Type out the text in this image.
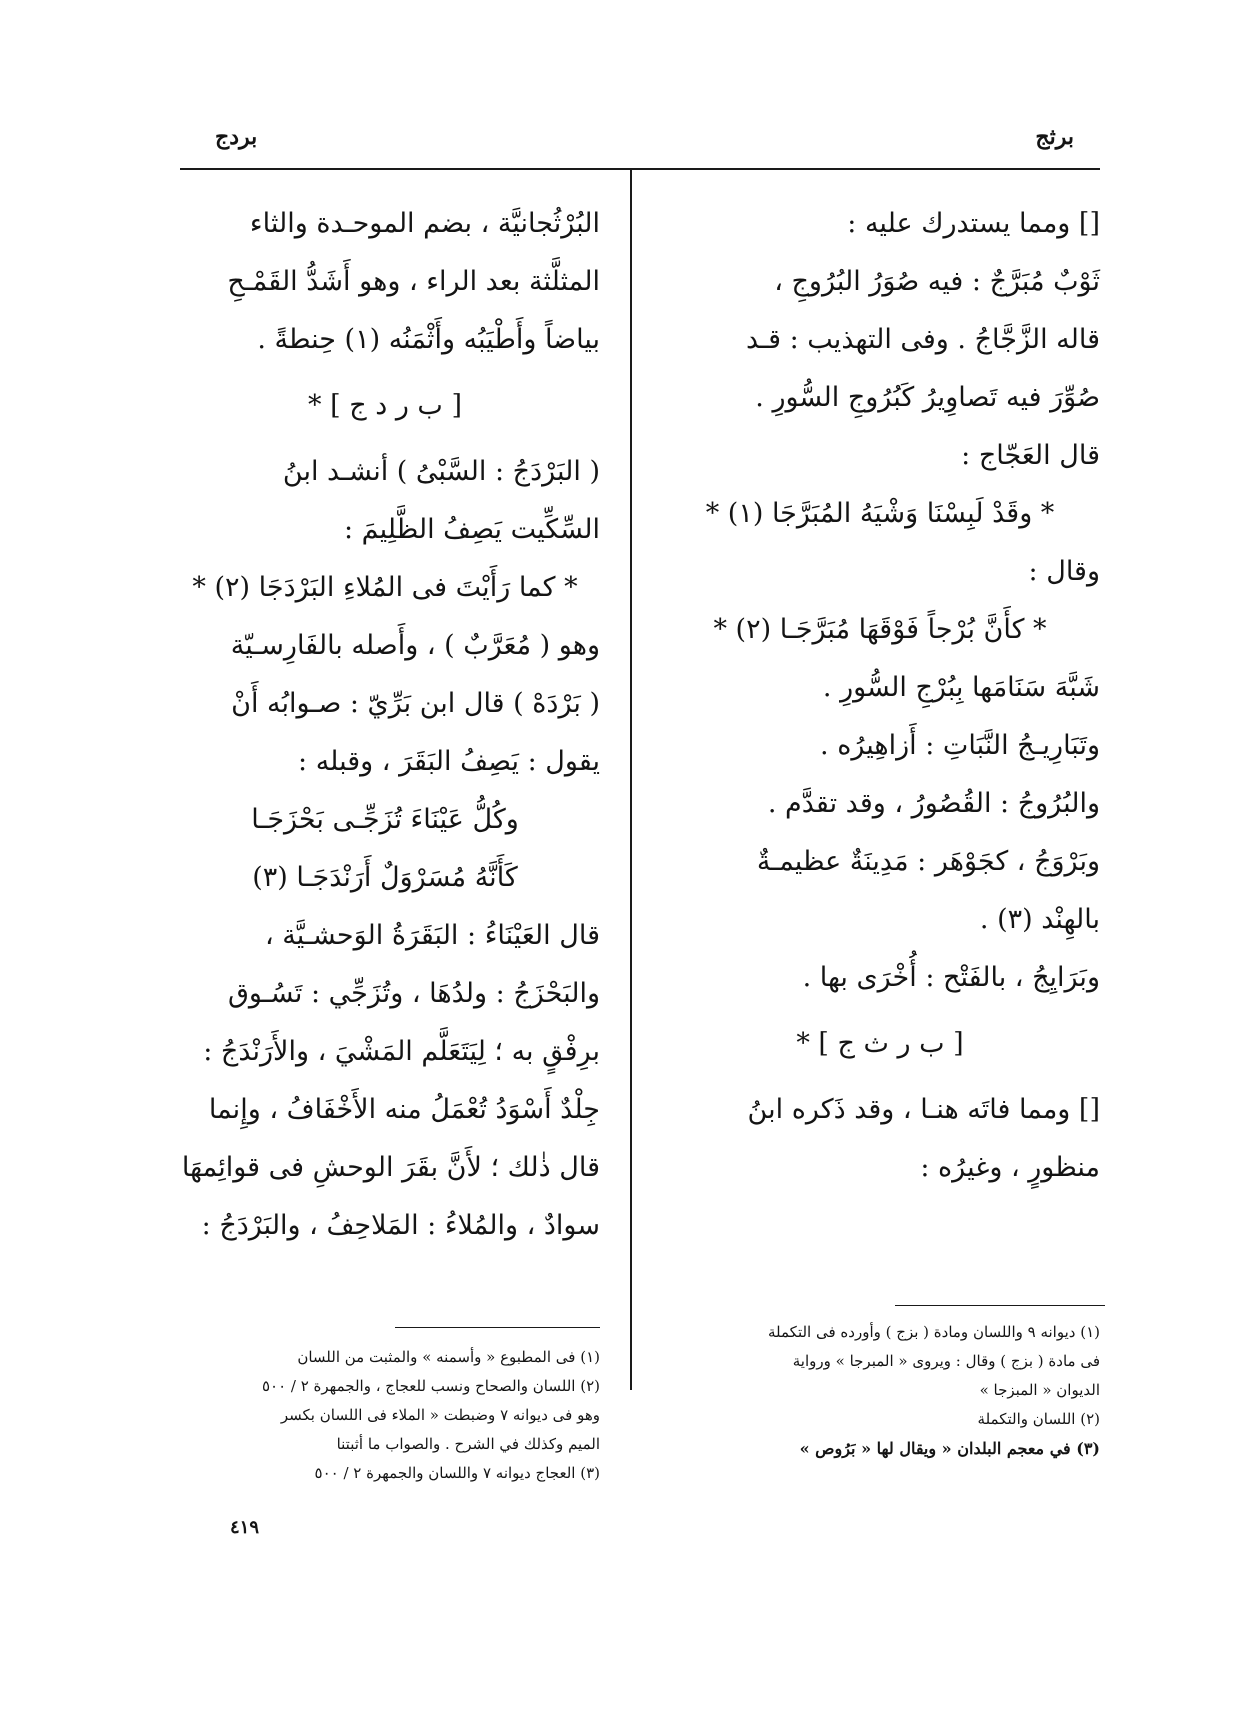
برثج
بردج

[] ومما يستدرك عليه :

ثَوْبٌ مُبَرَّجٌ : فيه صُوَرُ البُرُوجِ ،

قاله الزَّجَّاجُ . وفى التهذيب : قـد

صُوِّرَ فيه تَصاوِيرُ كَبُرُوجِ السُّورِ .

قال العَجّاج :

* وقَدْ لَبِسْنَا وَشْيَهُ المُبَرَّجَا (١) *

وقال :

* كأَنَّ بُرْجاً فَوْقَهَا مُبَرَّجَـا (٢) *

شَبَّهَ سَنَامَها بِبُرْجِ السُّورِ .

وتَبَارِيـجُ النَّبَاتِ : أَزاهِيرُه .

والبُرُوجُ : القُصُورُ ، وقد تقدَّم .

وبَرْوَجُ ، كجَوْهَر : مَدِينَةٌ عظيمـةٌ

بالهِنْد (٣) .

وبَرَايِجُ ، بالفَتْح : أُخْرَى بها .

[ ب ر ث ج ] *

[] ومما فاتَه هنـا ، وقد ذَكره ابنُ

منظورٍ ، وغيرُه :

البُرْثُجانيَّة ، بضم الموحـدة والثاء

المثلَّثة بعد الراء ، وهو أَشَدُّ القَمْـحِ

بياضاً وأَطْيَبُه وأَثْمَنُه (١) حِنطةً .

[ ب ر د ج ] *

( البَرْدَجُ : السَّبْىُ ) أنشـد ابنُ

السِّكِّيت يَصِفُ الظَّلِيمَ :

* كما رَأَيْتَ فى المُلاءِ البَرْدَجَا (٢) *

وهو ( مُعَرَّبٌ ) ، وأَصله بالفَارِسـيّة

( بَرْدَهْ ) قال ابن بَرِّيّ : صـوابُه أَنْ

يقول : يَصِفُ البَقَرَ ، وقبله :

وكُلُّ عَيْنَاءَ تُزَجِّـى بَحْزَجَـا

كَأَنَّهُ مُسَرْوَلٌ أَرَنْدَجَـا (٣)

قال العَيْنَاءُ : البَقَرَةُ الوَحشـيَّة ،

والبَحْزَجُ : ولدُهَا ، وتُزَجِّي : تَسُـوق

برِفْقٍ به ؛ لِيَتَعَلَّم المَشْيَ ، والأَرَنْدَجُ :

جِلْدٌ أَسْوَدُ تُعْمَلُ منه الأَخْفَافُ ، وإِنما

قال ذٰلك ؛ لأَنَّ بقَرَ الوحشِ فى قوائِمهَا

سوادٌ ، والمُلاءُ : المَلاحِفُ ، والبَرْدَجُ :

(١) ديوانه ٩ واللسان ومادة ( بزج ) وأورده فى التكملة

فى مادة ( بزج ) وقال : ويروى « المبرجا » ورواية

الديوان « المبزجا »

(٢) اللسان والتكملة

(٣) في معجم البلدان « ويقال لها « بَرُوص »

(١) فى المطبوع « وأسمنه » والمثبت من اللسان

(٢) اللسان والصحاح ونسب للعجاج ، والجمهرة ٢ / ٥٠٠

وهو فى ديوانه ٧ وضبطت « الملاء فى اللسان بكسر

الميم وكذلك في الشرح . والصواب ما أثبتنا

(٣) العجاج ديوانه ٧ واللسان والجمهرة ٢ / ٥٠٠

٤١٩
